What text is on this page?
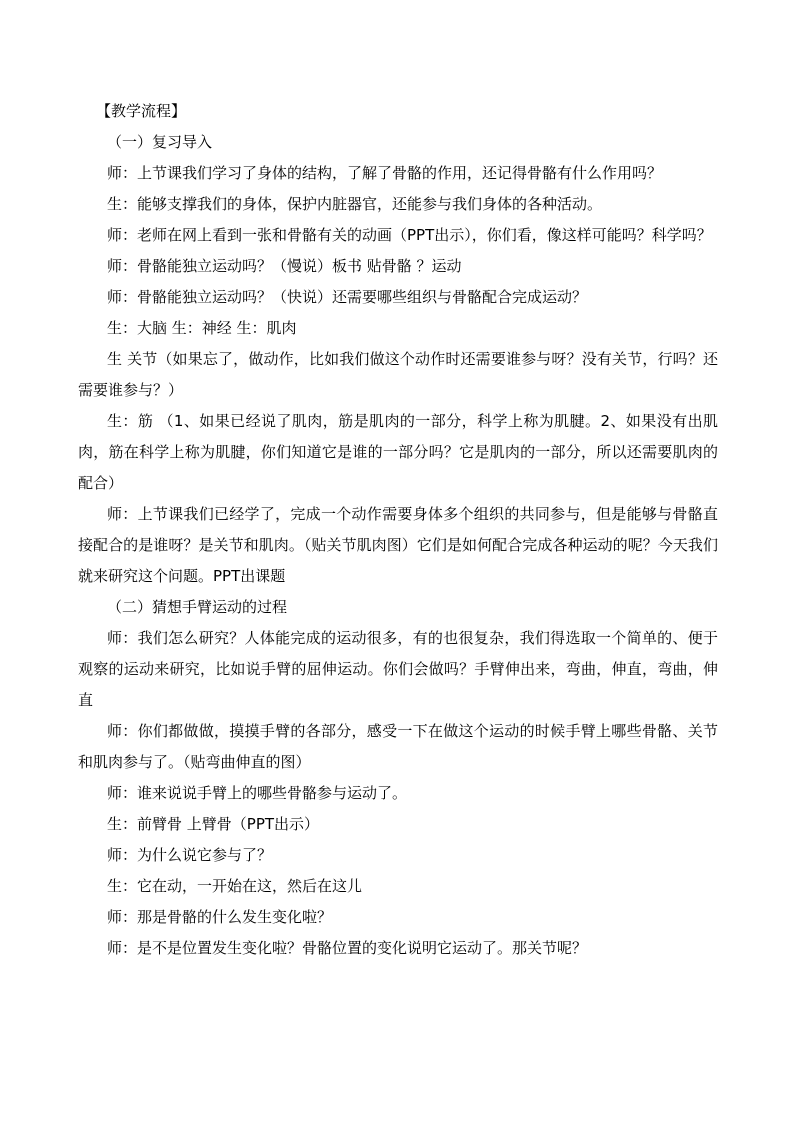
【教学流程】

（一）复习导入

师：上节课我们学习了身体的结构，了解了骨骼的作用，还记得骨骼有什么作用吗？

生：能够支撑我们的身体，保护内脏器官，还能参与我们身体的各种活动。

师：老师在网上看到一张和骨骼有关的动画（PPT出示），你们看，像这样可能吗？科学吗？

师：骨骼能独立运动吗？（慢说）板书 贴骨骼 ？运动

师：骨骼能独立运动吗？（快说）还需要哪些组织与骨骼配合完成运动？

生：大脑 生：神经 生：肌肉

生 关节（如果忘了，做动作，比如我们做这个动作时还需要谁参与呀？没有关节，行吗？还需要谁参与？）

生：筋 （1、如果已经说了肌肉，筋是肌肉的一部分，科学上称为肌腱。2、如果没有出肌肉，筋在科学上称为肌腱，你们知道它是谁的一部分吗？它是肌肉的一部分，所以还需要肌肉的配合）

师：上节课我们已经学了，完成一个动作需要身体多个组织的共同参与，但是能够与骨骼直接配合的是谁呀？是关节和肌肉。（贴关节肌肉图）它们是如何配合完成各种运动的呢？今天我们就来研究这个问题。PPT出课题

（二）猜想手臂运动的过程

师：我们怎么研究？人体能完成的运动很多，有的也很复杂，我们得选取一个简单的、便于观察的运动来研究，比如说手臂的屈伸运动。你们会做吗？手臂伸出来，弯曲，伸直，弯曲，伸直

师：你们都做做，摸摸手臂的各部分，感受一下在做这个运动的时候手臂上哪些骨骼、关节和肌肉参与了。（贴弯曲伸直的图）

师：谁来说说手臂上的哪些骨骼参与运动了。

生：前臂骨 上臂骨（PPT出示）

师：为什么说它参与了？

生：它在动，一开始在这，然后在这儿

师：那是骨骼的什么发生变化啦？

师：是不是位置发生变化啦？骨骼位置的变化说明它运动了。那关节呢？
